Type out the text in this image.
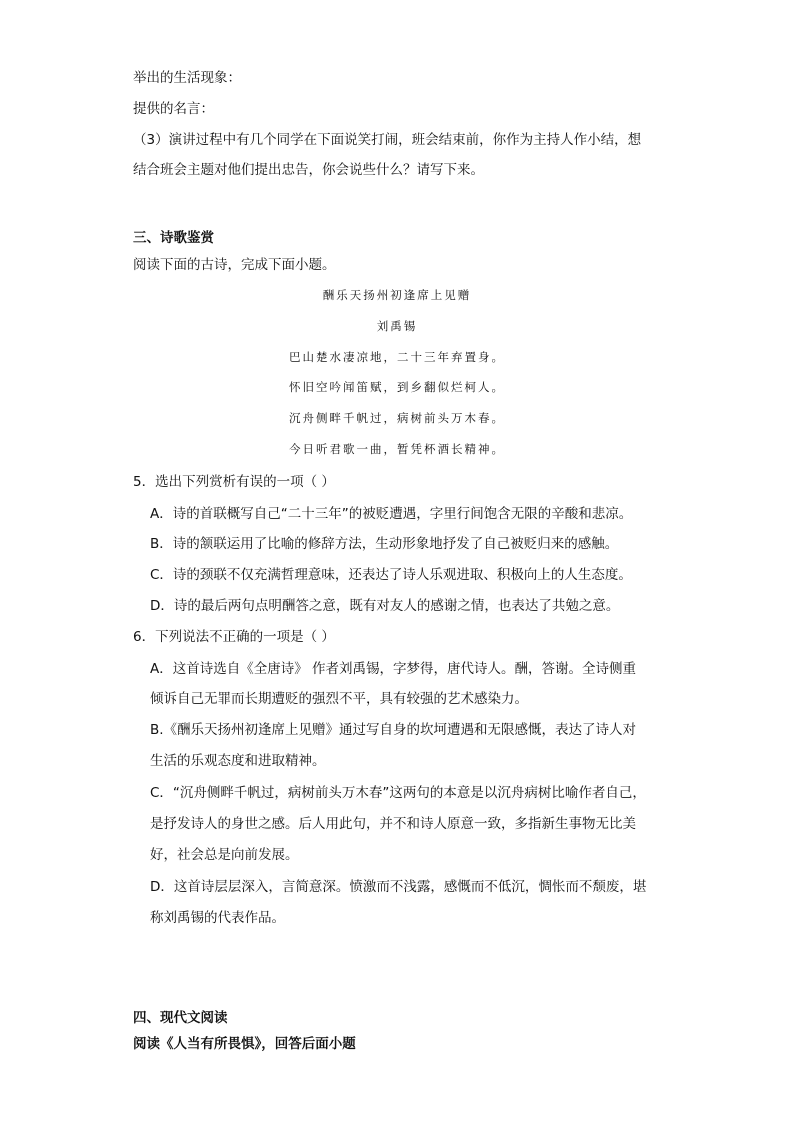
举出的生活现象：
提供的名言：
（3）演讲过程中有几个同学在下面说笑打闹，班会结束前，你作为主持人作小结，想
结合班会主题对他们提出忠告，你会说些什么？请写下来。
三、诗歌鉴赏
阅读下面的古诗，完成下面小题。
酬乐天扬州初逢席上见赠
刘禹锡
巴山楚水凄凉地，二十三年弃置身。
怀旧空吟闻笛赋，到乡翻似烂柯人。
沉舟侧畔千帆过，病树前头万木春。
今日听君歌一曲，暂凭杯酒长精神。
5．选出下列赏析有误的一项（ ）
A．诗的首联概写自己“二十三年”的被贬遭遇，字里行间饱含无限的辛酸和悲凉。
B．诗的颔联运用了比喻的修辞方法，生动形象地抒发了自己被贬归来的感触。
C．诗的颈联不仅充满哲理意味，还表达了诗人乐观进取、积极向上的人生态度。
D．诗的最后两句点明酬答之意，既有对友人的感谢之情，也表达了共勉之意。
6．下列说法不正确的一项是（ ）
A．这首诗选自《全唐诗》 作者刘禹锡，字梦得，唐代诗人。酬，答谢。全诗侧重
倾诉自己无罪而长期遭贬的强烈不平，具有较强的艺术感染力。
B.《酬乐天扬州初逢席上见赠》通过写自身的坎坷遭遇和无限感慨，表达了诗人对
生活的乐观态度和进取精神。
C．“沉舟侧畔千帆过，病树前头万木春”这两句的本意是以沉舟病树比喻作者自己，
是抒发诗人的身世之感。后人用此句，并不和诗人原意一致，多指新生事物无比美
好，社会总是向前发展。
D．这首诗层层深入，言简意深。愤激而不浅露，感慨而不低沉，惆怅而不颓废，堪
称刘禹锡的代表作品。
四、现代文阅读
阅读《人当有所畏惧》，回答后面小题
